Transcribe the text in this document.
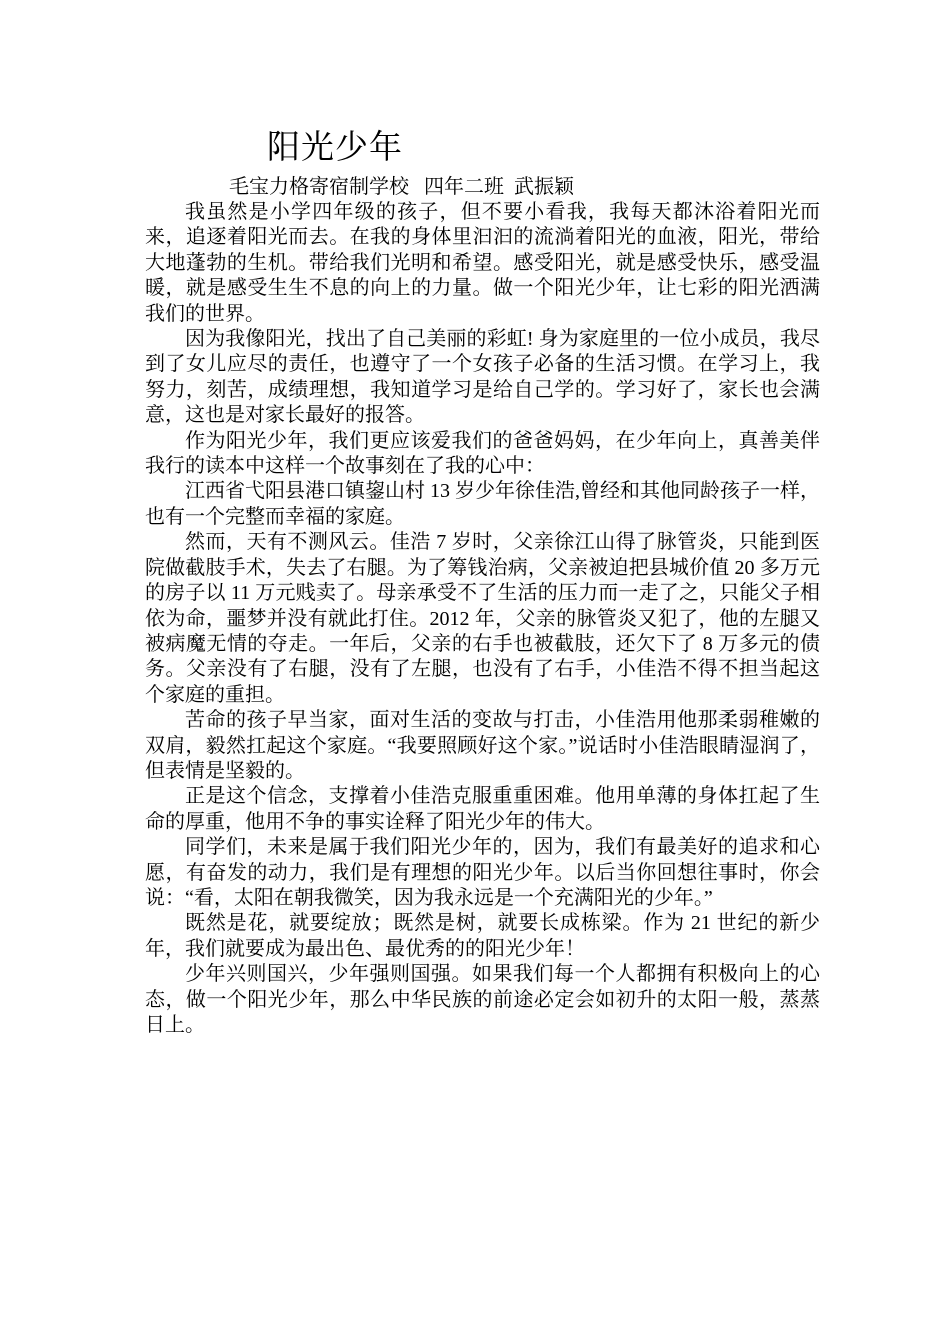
阳光少年
毛宝力格寄宿制学校   四年二班  武振颖

我虽然是小学四年级的孩子，但不要小看我，我每天都沐浴着阳光而来，追逐着阳光而去。在我的身体里汩汩的流淌着阳光的血液，阳光，带给大地蓬勃的生机。带给我们光明和希望。感受阳光，就是感受快乐，感受温暖，就是感受生生不息的向上的力量。做一个阳光少年，让七彩的阳光洒满我们的世界。

因为我像阳光，找出了自己美丽的彩虹! 身为家庭里的一位小成员，我尽到了女儿应尽的责任，也遵守了一个女孩子必备的生活习惯。在学习上，我努力，刻苦，成绩理想，我知道学习是给自己学的。学习好了，家长也会满意，这也是对家长最好的报答。

作为阳光少年，我们更应该爱我们的爸爸妈妈，在少年向上，真善美伴我行的读本中这样一个故事刻在了我的心中：

江西省弋阳县港口镇鋆山村 13 岁少年徐佳浩,曾经和其他同龄孩子一样，也有一个完整而幸福的家庭。

然而，天有不测风云。佳浩 7 岁时，父亲徐江山得了脉管炎，只能到医院做截肢手术，失去了右腿。为了筹钱治病，父亲被迫把县城价值 20 多万元的房子以 11 万元贱卖了。母亲承受不了生活的压力而一走了之，只能父子相依为命，噩梦并没有就此打住。2012 年，父亲的脉管炎又犯了，他的左腿又被病魔无情的夺走。一年后，父亲的右手也被截肢，还欠下了 8 万多元的债务。父亲没有了右腿，没有了左腿，也没有了右手，小佳浩不得不担当起这个家庭的重担。

苦命的孩子早当家，面对生活的变故与打击，小佳浩用他那柔弱稚嫩的双肩，毅然扛起这个家庭。“我要照顾好这个家。”说话时小佳浩眼睛湿润了，但表情是坚毅的。

正是这个信念，支撑着小佳浩克服重重困难。他用单薄的身体扛起了生命的厚重，他用不争的事实诠释了阳光少年的伟大。

同学们，未来是属于我们阳光少年的，因为，我们有最美好的追求和心愿，有奋发的动力，我们是有理想的阳光少年。以后当你回想往事时，你会说：“看，太阳在朝我微笑，因为我永远是一个充满阳光的少年。”

既然是花，就要绽放；既然是树，就要长成栋梁。作为 21 世纪的新少年，我们就要成为最出色、最优秀的的阳光少年！

少年兴则国兴，少年强则国强。如果我们每一个人都拥有积极向上的心态，做一个阳光少年，那么中华民族的前途必定会如初升的太阳一般，蒸蒸日上。
